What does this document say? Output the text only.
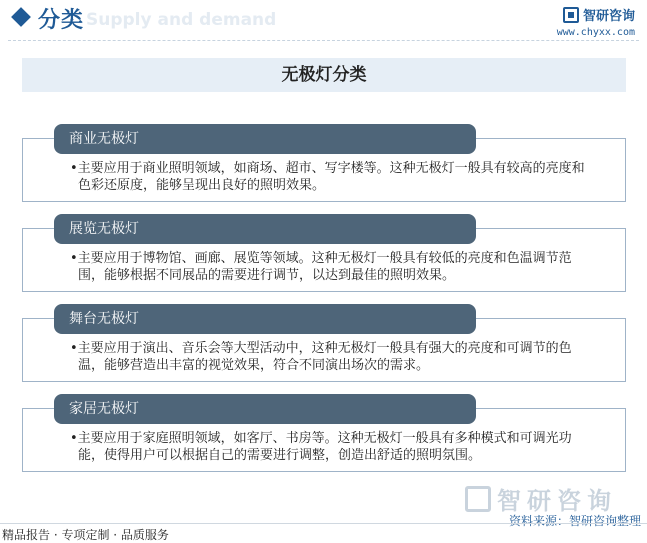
Supply and demand
分类	智研咨询
www.chyxx.com
无极灯分类
商业无极灯
• 主要应用于商业照明领域，如商场、超市、写字楼等。这种无极灯一般具有较高的亮度和色彩还原度，能够呈现出良好的照明效果。
展览无极灯
• 主要应用于博物馆、画廊、展览等领域。这种无极灯一般具有较低的亮度和色温调节范围，能够根据不同展品的需要进行调节，以达到最佳的照明效果。
舞台无极灯
• 主要应用于演出、音乐会等大型活动中，这种无极灯一般具有强大的亮度和可调节的色温，能够营造出丰富的视觉效果，符合不同演出场次的需求。
家居无极灯
• 主要应用于家庭照明领域，如客厅、书房等。这种无极灯一般具有多种模式和可调光功能，使得用户可以根据自己的需要进行调整，创造出舒适的照明氛围。
智研咨询
资料来源：智研咨询整理
精品报告 · 专项定制 · 品质服务
